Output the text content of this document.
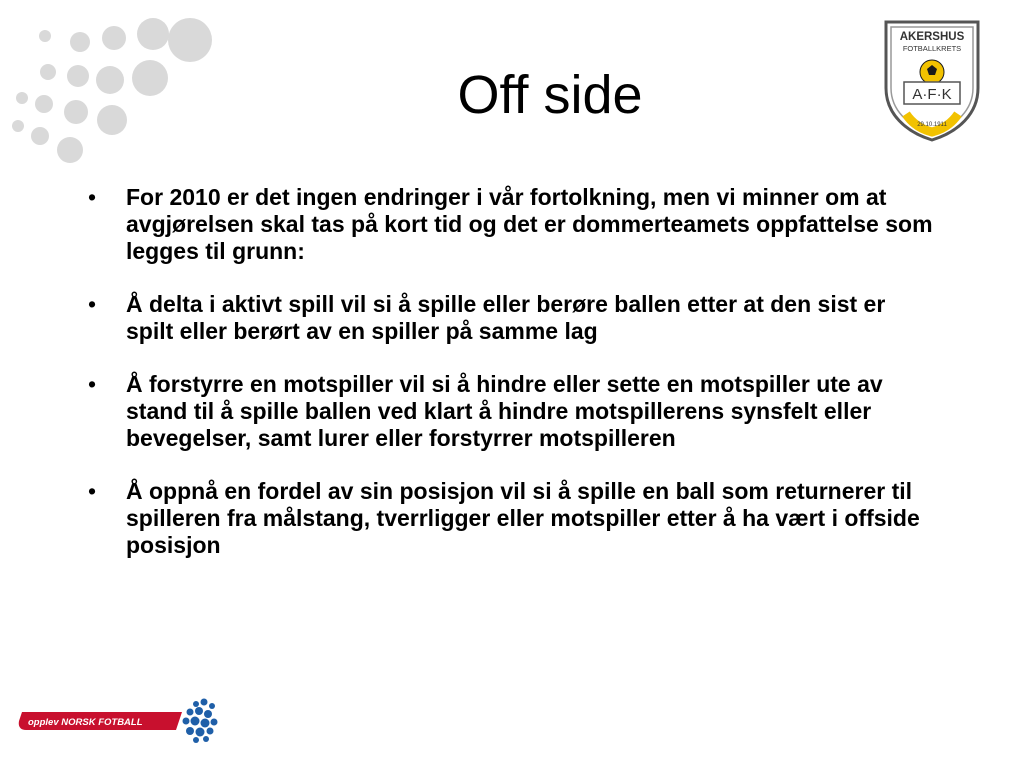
Off side
AKERSHUS
FOTBALLKRETS
A·F·K
29.10.1911
• For 2010 er det ingen endringer i vår fortolkning, men vi minner om at avgjørelsen skal tas på kort tid og det er dommerteamets oppfattelse som legges til grunn:
• Å delta i aktivt spill vil si å spille eller berøre ballen etter at den sist er spilt eller berørt av en spiller på samme lag
• Å forstyrre en motspiller vil si å hindre eller sette en motspiller ute av stand til å spille ballen ved klart å hindre motspillerens synsfelt eller bevegelser, samt lurer eller forstyrrer motspilleren
• Å oppnå en fordel av sin posisjon vil si å spille en ball som returnerer til spilleren fra målstang, tverrligger eller motspiller etter å ha vært i offside posisjon
opplev NORSK FOTBALL
